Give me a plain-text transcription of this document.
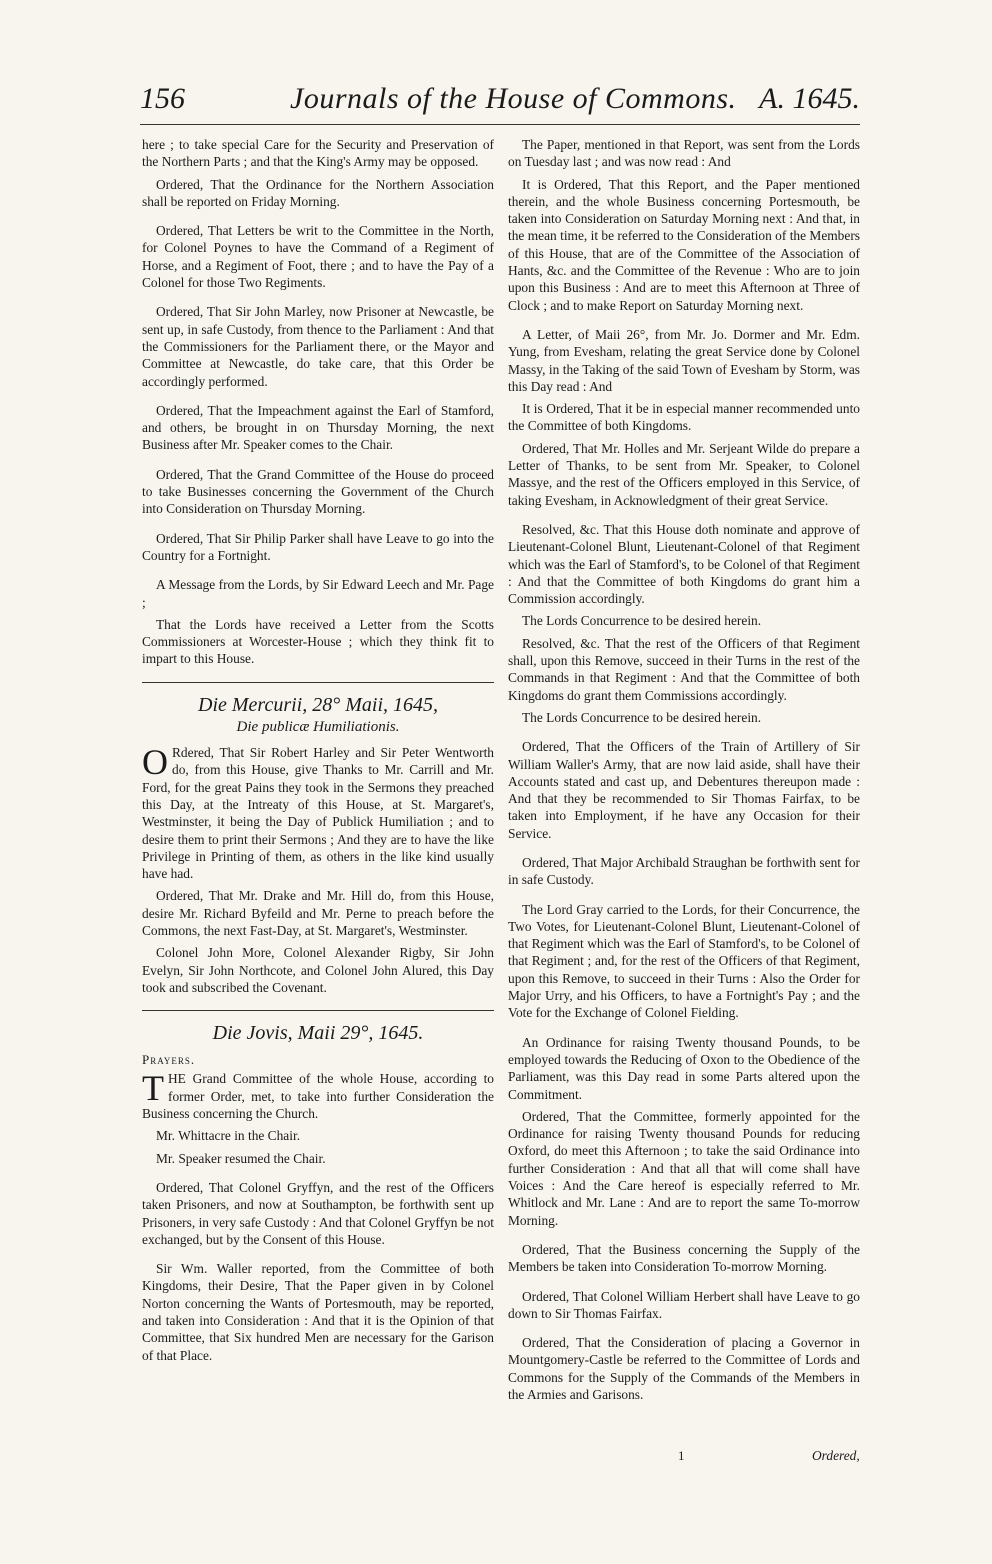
156	Journals of the House of Commons. A. 1645.

here ; to take special Care for the Security and Preservation of the Northern Parts ; and that the King's Army may be opposed.

Ordered, That the Ordinance for the Northern Association shall be reported on Friday Morning.

Ordered, That Letters be writ to the Committee in the North, for Colonel Poynes to have the Command of a Regiment of Horse, and a Regiment of Foot, there ; and to have the Pay of a Colonel for those Two Regiments.

Ordered, That Sir John Marley, now Prisoner at Newcastle, be sent up, in safe Custody, from thence to the Parliament : And that the Commissioners for the Parliament there, or the Mayor and Committee at Newcastle, do take care, that this Order be accordingly performed.

Ordered, That the Impeachment against the Earl of Stamford, and others, be brought in on Thursday Morning, the next Business after Mr. Speaker comes to the Chair.

Ordered, That the Grand Committee of the House do proceed to take Businesses concerning the Government of the Church into Consideration on Thursday Morning.

Ordered, That Sir Philip Parker shall have Leave to go into the Country for a Fortnight.

A Message from the Lords, by Sir Edward Leech and Mr. Page ;

That the Lords have received a Letter from the Scotts Commissioners at Worcester-House ; which they think fit to impart to this House.

Die Mercurii, 28° Maii, 1645,
Die publicæ Humiliationis.

O Rdered, That Sir Robert Harley and Sir Peter Wentworth do, from this House, give Thanks to Mr. Carrill and Mr. Ford, for the great Pains they took in the Sermons they preached this Day, at the Intreaty of this House, at St. Margaret's, Westminster, it being the Day of Publick Humiliation ; and to desire them to print their Sermons ; And they are to have the like Privilege in Printing of them, as others in the like kind usually have had.

Ordered, That Mr. Drake and Mr. Hill do, from this House, desire Mr. Richard Byfeild and Mr. Perne to preach before the Commons, the next Fast-Day, at St. Margaret's, Westminster.

Colonel John More, Colonel Alexander Rigby, Sir John Evelyn, Sir John Northcote, and Colonel John Alured, this Day took and subscribed the Covenant.

Die Jovis, Maii 29°, 1645.
Prayers.

THE Grand Committee of the whole House, according to former Order, met, to take into further Consideration the Business concerning the Church.

Mr. Whittacre in the Chair.

Mr. Speaker resumed the Chair.

Ordered, That Colonel Gryffyn, and the rest of the Officers taken Prisoners, and now at Southampton, be forthwith sent up Prisoners, in very safe Custody : And that Colonel Gryffyn be not exchanged, but by the Consent of this House.

Sir Wm. Waller reported, from the Committee of both Kingdoms, their Desire, That the Paper given in by Colonel Norton concerning the Wants of Portesmouth, may be reported, and taken into Consideration : And that it is the Opinion of that Committee, that Six hundred Men are necessary for the Garison of that Place.

The Paper, mentioned in that Report, was sent from the Lords on Tuesday last ; and was now read : And

It is Ordered, That this Report, and the Paper mentioned therein, and the whole Business concerning Portesmouth, be taken into Consideration on Saturday Morning next : And that, in the mean time, it be referred to the Consideration of the Members of this House, that are of the Committee of the Association of Hants, &c. and the Committee of the Revenue : Who are to join upon this Business : And are to meet this Afternoon at Three of Clock ; and to make Report on Saturday Morning next.

A Letter, of Maii 26°, from Mr. Jo. Dormer and Mr. Edm. Yung, from Evesham, relating the great Service done by Colonel Massy, in the Taking of the said Town of Evesham by Storm, was this Day read : And

It is Ordered, That it be in especial manner recommended unto the Committee of both Kingdoms.

Ordered, That Mr. Holles and Mr. Serjeant Wilde do prepare a Letter of Thanks, to be sent from Mr. Speaker, to Colonel Massye, and the rest of the Officers employed in this Service, of taking Evesham, in Acknowledgment of their great Service.

Resolved, &c. That this House doth nominate and approve of Lieutenant-Colonel Blunt, Lieutenant-Colonel of that Regiment which was the Earl of Stamford's, to be Colonel of that Regiment : And that the Committee of both Kingdoms do grant him a Commission accordingly.

The Lords Concurrence to be desired herein.

Resolved, &c. That the rest of the Officers of that Regiment shall, upon this Remove, succeed in their Turns in the rest of the Commands in that Regiment : And that the Committee of both Kingdoms do grant them Commissions accordingly.

The Lords Concurrence to be desired herein.

Ordered, That the Officers of the Train of Artillery of Sir William Waller's Army, that are now laid aside, shall have their Accounts stated and cast up, and Debentures thereupon made : And that they be recommended to Sir Thomas Fairfax, to be taken into Employment, if he have any Occasion for their Service.

Ordered, That Major Archibald Straughan be forthwith sent for in safe Custody.

The Lord Gray carried to the Lords, for their Concurrence, the Two Votes, for Lieutenant-Colonel Blunt, Lieutenant-Colonel of that Regiment which was the Earl of Stamford's, to be Colonel of that Regiment ; and, for the rest of the Officers of that Regiment, upon this Remove, to succeed in their Turns : Also the Order for Major Urry, and his Officers, to have a Fortnight's Pay ; and the Vote for the Exchange of Colonel Fielding.

An Ordinance for raising Twenty thousand Pounds, to be employed towards the Reducing of Oxon to the Obedience of the Parliament, was this Day read in some Parts altered upon the Commitment.

Ordered, That the Committee, formerly appointed for the Ordinance for raising Twenty thousand Pounds for reducing Oxford, do meet this Afternoon ; to take the said Ordinance into further Consideration : And that all that will come shall have Voices : And the Care hereof is especially referred to Mr. Whitlock and Mr. Lane : And are to report the same To-morrow Morning.

Ordered, That the Business concerning the Supply of the Members be taken into Consideration To-morrow Morning.

Ordered, That Colonel William Herbert shall have Leave to go down to Sir Thomas Fairfax.

Ordered, That the Consideration of placing a Governor in Mountgomery-Castle be referred to the Committee of Lords and Commons for the Supply of the Commands of the Members in the Armies and Garisons.

1	Ordered,
